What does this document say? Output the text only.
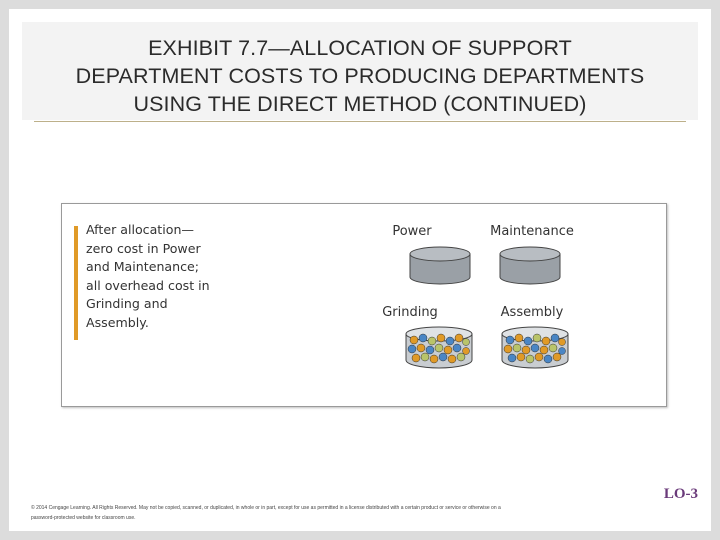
EXHIBIT 7.7—ALLOCATION OF SUPPORT
DEPARTMENT COSTS TO PRODUCING DEPARTMENTS
USING THE DIRECT METHOD (CONTINUED)
After allocation—
zero cost in Power
and Maintenance;
all overhead cost in
Grinding and
Assembly.
Power	Maintenance
Grinding	Assembly
LO-3
© 2014 Cengage Learning. All Rights Reserved. May not be copied, scanned, or duplicated, in whole or in part, except for use as permitted in a license distributed with a certain product or service or otherwise on a
password-protected website for classroom use.
